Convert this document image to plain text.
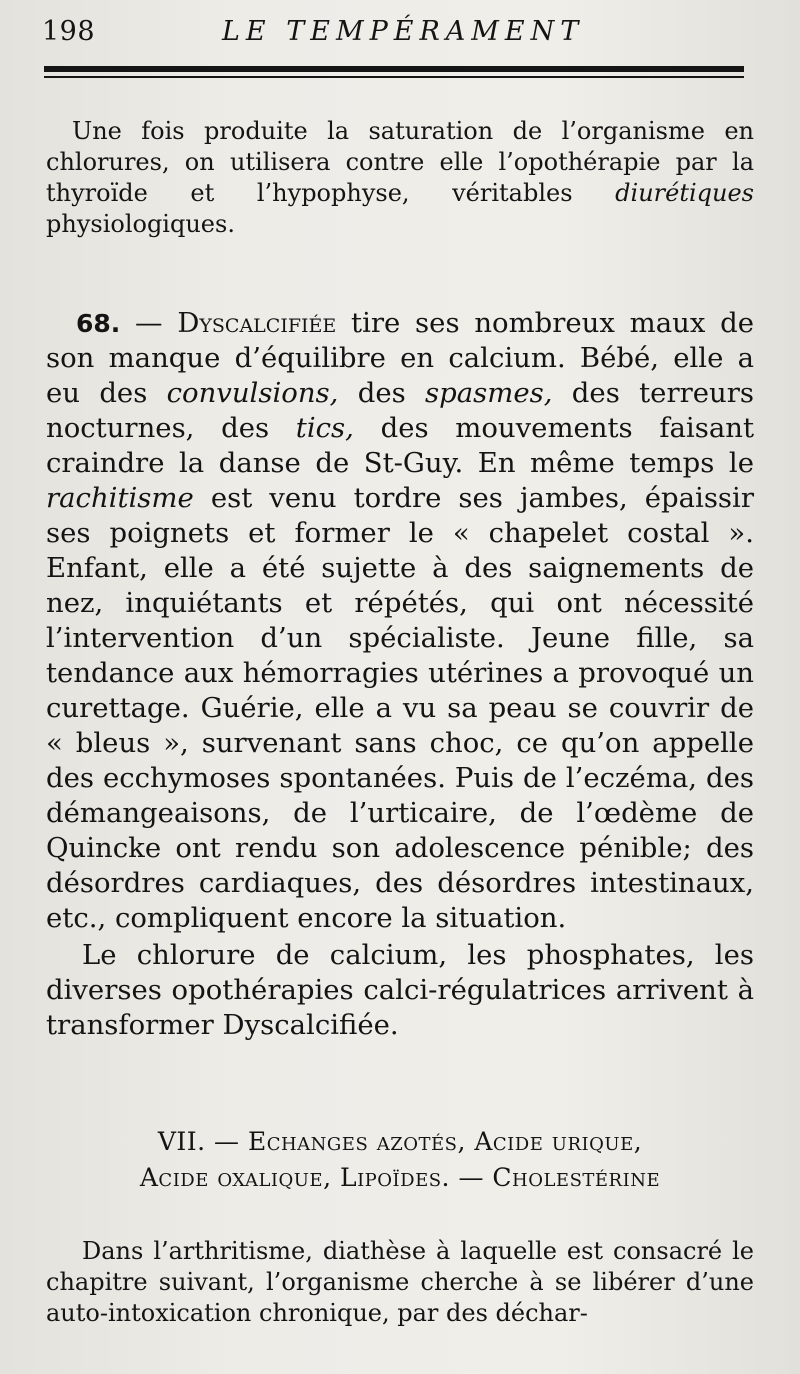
198	LE TEMPÉRAMENT

Une fois produite la saturation de l’organisme en chlorures, on utilisera contre elle l’opothérapie par la thyroïde et l’hypophyse, véritables diurétiques physiologiques.

68. — Dyscalcifiée tire ses nombreux maux de son manque d’équilibre en calcium. Bébé, elle a eu des convulsions, des spasmes, des terreurs nocturnes, des tics, des mouvements faisant craindre la danse de St-Guy. En même temps le rachitisme est venu tordre ses jambes, épaissir ses poignets et former le « chapelet costal ». Enfant, elle a été sujette à des saignements de nez, inquiétants et répétés, qui ont nécessité l’intervention d’un spécialiste. Jeune fille, sa tendance aux hémorragies utérines a provoqué un curettage. Guérie, elle a vu sa peau se couvrir de « bleus », survenant sans choc, ce qu’on appelle des ecchymoses spontanées. Puis de l’eczéma, des démangeaisons, de l’urticaire, de l’œdème de Quincke ont rendu son adolescence pénible; des désordres cardiaques, des désordres intestinaux, etc., compliquent encore la situation.

Le chlorure de calcium, les phosphates, les diverses opothérapies calci-régulatrices arrivent à transformer Dyscalcifiée.

VII. — Echanges azotés, Acide urique,
Acide oxalique, Lipoïdes. — Cholestérine

Dans l’arthritisme, diathèse à laquelle est consacré le chapitre suivant, l’organisme cherche à se libérer d’une auto-intoxication chronique, par des déchar-
